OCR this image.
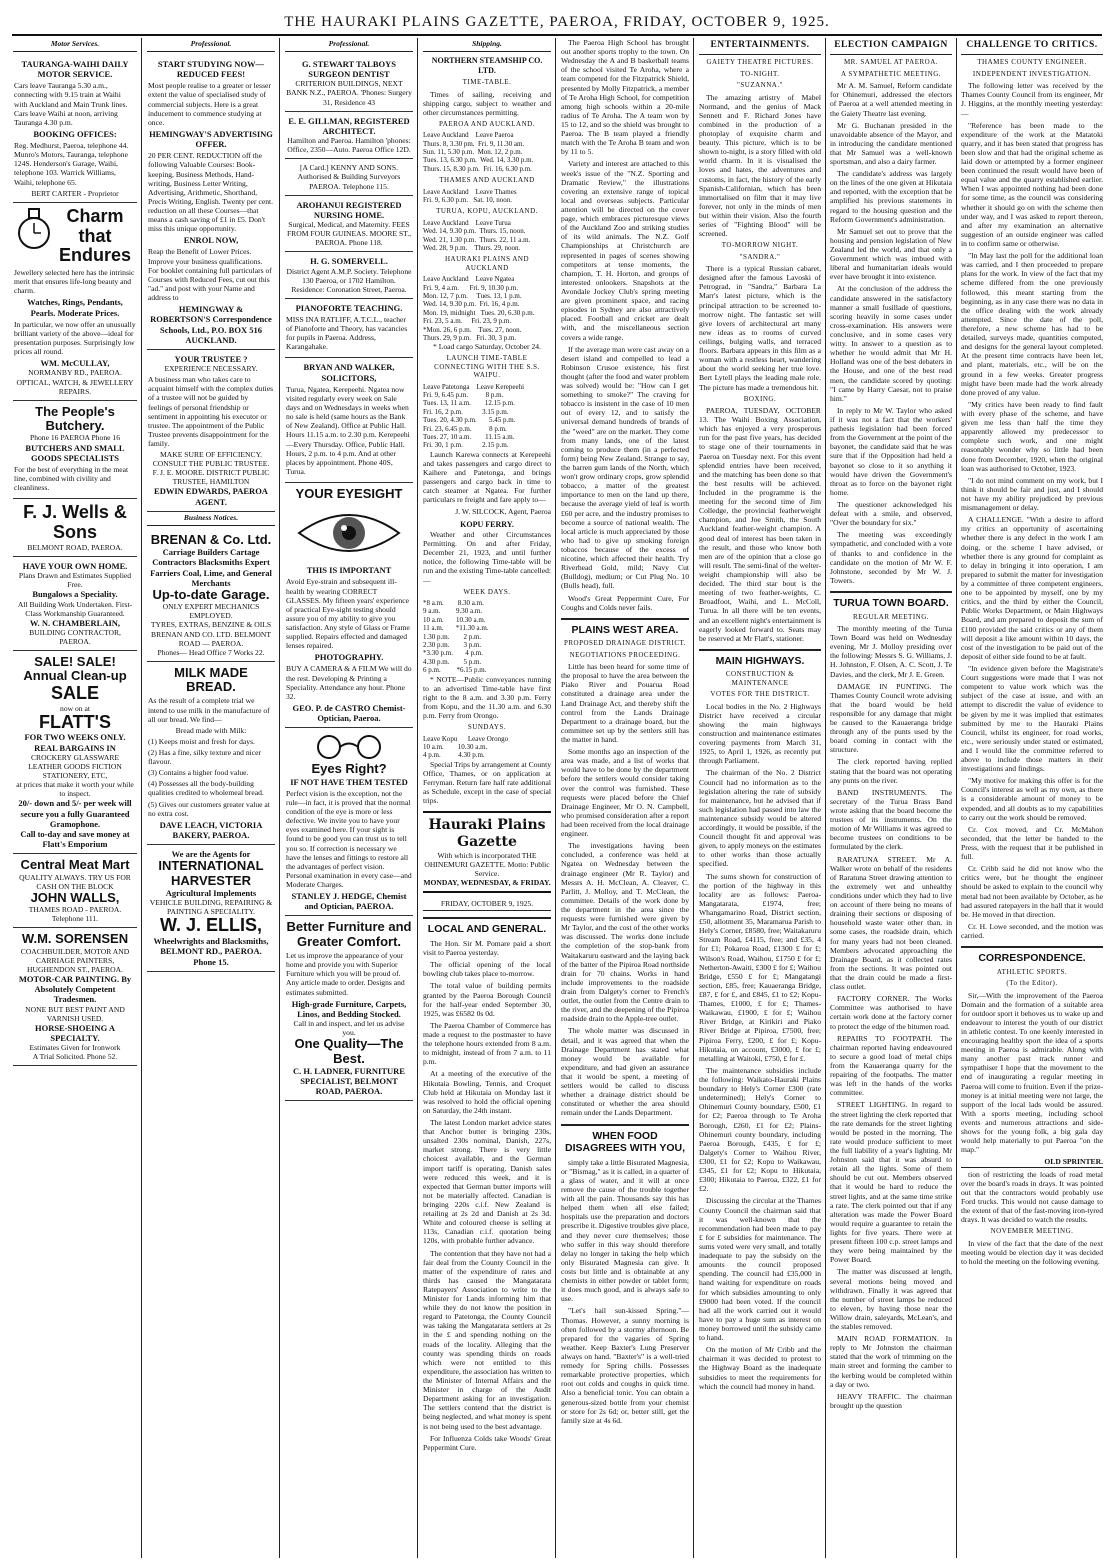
THE HAURAKI PLAINS GAZETTE, PAEROA, FRIDAY, OCTOBER 9, 1925.
Motor Services.
TAURANGA-WAIHI DAILY MOTOR SERVICE.

Cars leave Tauranga 5.30 a.m., connecting with 9.15 train at Waihi with Auckland and Main Trunk lines. Cars leave Waihi at noon, arriving Tauranga 4.30 p.m.

BOOKING OFFICES:

Reg. Medhurst, Paeroa, telephone 44. Munro's Motors, Tauranga, telephone 124S. Henderson's Garage, Waihi, telephone 103. Warrick Williams, Waihi, telephone 65.

BERT CARTER - Proprietor
Charm that Endures

Jewellery selected here has the intrinsic merit that ensures life-long beauty and charm.

Watches, Rings, Pendants, Pearls. Moderate Prices.

In particular, we now offer an unusually brilliant variety of the above—ideal for presentation purposes. Surprisingly low prices all round.

WM. McCULLAY,
NORMANBY RD., PAEROA. OPTICAL, WATCH, & JEWELLERY REPAIRS.
The People's Butchery.
Phone 16 PAEROA Phone 16
BUTCHERS AND SMALL GOODS SPECIALISTS

For the best of everything in the meat line, combined with civility and cleanliness.

F. J. Wells & Sons
BELMONT ROAD, PAEROA.
HAVE YOUR OWN HOME.
Plans Drawn and Estimates Supplied Free.
Bungalows a Speciality.
All Building Work Undertaken. First-Class Workmanship Guaranteed.
W. N. CHAMBERLAIN,
BUILDING CONTRACTOR, PAEROA.
SALE! SALE!
Annual Clean-up
SALE
now on at
FLATT'S
FOR TWO WEEKS ONLY.
REAL BARGAINS IN
CROCKERY GLASSWARE LEATHER GOODS FICTION STATIONERY, ETC,
at prices that make it worth your while to inspect.
20/- down and 5/- per week will secure you a fully Guaranteed Gramophone.
Call to-day and save money at Flatt's Emporium
Central Meat Mart
QUALITY ALWAYS. TRY US FOR CASH ON THE BLOCK
JOHN WALLS,
THAMES ROAD - PAEROA. Telephone 111.
W.M. SORENSEN
COACHBUILDER, MOTOR AND CARRIAGE PAINTERS, HUGHENDON ST., PAEROA.
MOTOR-CAR PAINTING. By Absolutely Competent Tradesmen.
NONE BUT BEST PAINT AND VARNISH USED.
HORSE-SHOEING A SPECIALTY.
Estimates Given for Ironwork
A Trial Solicited. Phone 52.
Professional.
START STUDYING NOW— REDUCED FEES!

Most people realise to a greater or lesser extent the value of specialised study of commercial subjects. Here is a great inducement to commence studying at once.

HEMINGWAY'S ADVERTISING OFFER.

20 PER CENT. REDUCTION off the following Valuable Courses: Book-keeping, Business Methods, Hand-writing, Business Letter Writing, Advertising, Arithmetic, Shorthand, Precis Writing, English. Twenty per cent. reduction on all these Courses—that means a cash saving of £1 in £5. Don't miss this unique opportunity.

ENROL NOW,

Reap the Benefit of Lower Prices. Improve your business qualifications. For booklet containing full particulars of Courses with Reduced Fees, cut out this "ad." and post with your Name and address to

HEMINGWAY & ROBERTSON'S Correspondence Schools, Ltd., P.O. BOX 516 AUCKLAND.
YOUR TRUSTEE ?
EXPERIENCE NECESSARY.

A business man who takes care to acquaint himself with the complex duties of a trustee will not be guided by feelings of personal friendship or sentiment in appointing his executor or trustee. The appointment of the Public Trustee prevents disappointment for the family.

MAKE SURE OF EFFICIENCY.
CONSULT THE PUBLIC TRUSTEE.
F. J. E. MOORE. DISTRICT PUBLIC TRUSTEE, HAMILTON
EDWIN EDWARDS, PAEROA AGENT.
Business Notices.
BRENAN & Co. Ltd.
Carriage Builders Cartage Contractors Blacksmiths Expert Farriers Coal, Lime, and General Merchants
Up-to-date Garage.
ONLY EXPERT MECHANICS EMPLOYED.
TYRES, EXTRAS, BENZINE & OILS
BRENAN AND CO. LTD. BELMONT ROAD — PAEROA.
Phones— Head Office 7 Works 22.
MILK MADE BREAD.

As the result of a complete trial we intend to use milk in the manufacture of all our bread. We find—

Bread made with Milk:

(1) Keeps moist and fresh for days.

(2) Has a fine, silky texture and nicer flavour.

(3) Contains a higher food value.

(4) Possesses all the body-building qualities credited to wholemeal bread.

(5) Gives our customers greater value at no extra cost.

DAVE LEACH, VICTORIA BAKERY, PAEROA.
We are the Agents for
INTERNATIONAL HARVESTER
Agricultural Implements
VEHICLE BUILDING, REPAIRING & PAINTING A SPECIALITY.
W. J. ELLIS,
Wheelwrights and Blacksmiths, BELMONT RD., PAEROA. Phone 15.
Professional.
G. STEWART TALBOYS SURGEON DENTIST
CRITERION BUILDINGS, NEXT BANK N.Z., PAEROA. 'Phones: Surgery 31, Residence 43
E. E. GILLMAN, REGISTERED ARCHITECT.
Hamilton and Paeroa. Hamilton 'phones: Office, 2350—Auto. Paeroa Office 12D.
[A Card.] KENNY AND SONS. Authorised & Building Surveyors PAEROA. Telephone 115.
AROHANUI REGISTERED NURSING HOME.
Surgical, Medical, and Maternity. FEES FROM FOUR GUINEAS. MOORE ST., PAEROA. Phone 118.
H. G. SOMERVELL.
District Agent A.M.P. Society. Telephone 130 Paeroa, or 1702 Hamilton. Residence: Coronation Street, Paeroa.
PIANOFORTE TEACHING.

MISS INA RATLIFF, A.T.C.L., teacher of Pianoforte and Theory, has vacancies for pupils in Paeroa. Address, Karangahake.

BRYAN AND WALKER, SOLICITORS,

Turua, Ngatea, Kerepeehi. Ngatea now visited regularly every week on Sale days and on Wednesdays in weeks when no sale is held (same hours as the Bank of New Zealand). Office at Public Hall. Hours 11.15 a.m. to 2.30 p.m. Kerepeehi—Every Thursday. Office, Public Hall. Hours, 2 p.m. to 4 p.m. And at other places by appointment. Phone 40S, Turua.

YOUR EYESIGHT
THIS IS IMPORTANT

Avoid Eye-strain and subsequent ill-health by wearing CORRECT GLASSES. My fifteen years' experience of practical Eye-sight testing should assure you of my ability to give you satisfaction. Any style of Glass or Frame supplied. Repairs effected and damaged lenses repaired.

PHOTOGRAPHY.

BUY A CAMERA & A FILM We will do the rest. Developing & Printing a Speciality. Attendance any hour. Phone 32.

GEO. P. de CASTRO Chemist-Optician, Paeroa.
Eyes Right?
IF NOT HAVE THEM TESTED

Perfect vision is the exception, not the rule—in fact, it is proved that the normal condition of the eye is more or less defective. We invite you to have your eyes examined here. If your sight is found to be good you can trust us to tell you so. If correction is necessary we have the lenses and fittings to restore all the advantages of perfect vision. Personal examination in every case—and Moderate Charges.

STANLEY J. HEDGE, Chemist and Optician, PAEROA.
Better Furniture and Greater Comfort.

Let us improve the appearance of your home and provide you with Superior Furniture which you will be proud of. Any article made to order. Designs and estimates submitted.

High-grade Furniture, Carpets, Linos, and Bedding Stocked.
Call in and inspect, and let us advise you.
One Quality—The Best.
C. H. LADNER, FURNITURE SPECIALIST, BELMONT ROAD, PAEROA.
Shipping.
NORTHERN STEAMSHIP CO. LTD.
TIME-TABLE.

Times of sailing, receiving and shipping cargo, subject to weather and other circumstances permitting.

PAEROA AND AUCKLAND.
Leave Auckland    Leave Paeroa
Thurs. 8, 3.30 pm.  Fri. 9, 11.30 am.
Sun. 11, 5.30 p.m.  Mon. 12, 2 p.m.
Tues. 13, 6.30 p.m.  Wed. 14, 3.30 p.m.
Thurs. 15, 8.30 p.m.  Fri. 16, 6.30 p.m.
THAMES AND AUCKLAND
Leave Auckland    Leave Thames
Fri. 9, 6.30 p.m.   Sat. 10, noon.
TURUA, KOPU, AUCKLAND.
Leave Auckland    Leave Turua
Wed. 14, 9.30 p.m.  Thurs. 15, noon.
Wed. 21, 1.30 p.m.  Thurs. 22, 11 a.m.
Wed. 28, 9 p.m.    Thurs. 29, noon.
HAURAKI PLAINS AND AUCKLAND
Leave Auckland    Leave Ngatea
Fri. 9, 4 a.m.      Fri. 9, 10.30 p.m.
Mon. 12, 7 p.m.     Tues. 13, 1 p.m.
Wed. 14, 9.30 p.m.  Fri. 16, 4 p.m.
Mon. 19, midnight   Tues. 20, 6.30 p.m.
Fri. 23, 5 a.m.     Fri. 23, 9 p.m.
*Mon. 26, 6 p.m.    Tues. 27, noon.
Thurs. 29, 9 p.m.   Fri. 30, 3 p.m.
* Load cargo Saturday, October 24.
LAUNCH TIME-TABLE CONNECTING WITH THE S.S. WAIPU.
Leave Patetonga    Leave Kerepeehi
Fri. 9, 6.45 p.m.          8 p.m.
Tues. 13, 11 a.m.        12.15 p.m.
Fri. 16, 2 p.m.           3.15 p.m.
Tues. 20, 4.30 p.m.       5.45 p.m.
Fri. 23, 6.45 p.m.          8 p.m.
Tues. 27, 10 a.m.        11.15 a.m.
Fri. 30, 1 p.m.           2.15 p.m.

Launch Karewa connects at Kerepeehi and takes passengers and cargo direct to Kaihere and Patetonga, and brings passengers and cargo back in time to catch steamer at Ngatea. For further particulars re freight and fare apply to—

J. W. SILCOCK, Agent, Paeroa
KOPU FERRY.

Weather and other Circumstances Permitting. On and after Friday, December 21, 1923, and until further notice, the following Time-table will be run and the existing Time-table cancelled:—

WEEK DAYS.
*8 a.m.        8.30 a.m.
9 a.m.         9.30 a.m.
10 a.m.       10.30 a.m.
11 a.m.       *11.30 a.m.
1.30 p.m.        2 p.m.
2.30 p.m.        3 p.m.
*3.30 p.m.       4 p.m.
4.30 p.m.        5 p.m.
6 p.m.         *6.15 p.m.

* NOTE—Public conveyances running to an advertised Time-table have first right to the 8 a.m. and 3.30 p.m. Ferry from Kopu, and the 11.30 a.m. and 6.30 p.m. Ferry from Orongo.

SUNDAYS.
Leave Kopu      Leave Orongo
10 a.m.        10.30 a.m.
4 p.m.          4.30 p.m.

Special Trips by arrangement at County Office, Thames, or on application at Ferryman. Return fare half rate additional as Schedule, except in the case of special trips.

Hauraki Plains Gazette
With which is incorporated THE OHINEMURI GAZETTE. Motto: Public Service.
MONDAY, WEDNESDAY, & FRIDAY.
FRIDAY, OCTOBER 9, 1925.
LOCAL AND GENERAL.

The Hon. Sir M. Pomare paid a short visit to Paeroa yesterday.

The official opening of the local bowling club takes place to-morrow.

The total value of building permits granted by the Paeroa Borough Council for the half-year ended September 30, 1925, was £6582 0s 0d.

The Paeroa Chamber of Commerce has made a request to the postmaster to have the telephone hours extended from 8 a.m. to midnight, instead of from 7 a.m. to 11 p.m.

At a meeting of the executive of the Hikutaia Bowling, Tennis, and Croquet Club held at Hikutaia on Monday last it was resolved to hold the official opening on Saturday, the 24th instant.

The latest London market advice states that Anchor butter is bringing 230s, unsalted 230s nominal, Danish, 227s, market strong. There is very little choicest available, and the German import tariff is operating. Danish sales were reduced this week, and it is expected that German butter imports will not be materially affected. Canadian is bringing 220s c.i.f. New Zealand is retailing at 2s 2d and Danish at 2s 3d. White and coloured cheese is selling at 113s, Canadian c.i.f. quotation being 120s, with probable further advance.

The contention that they have not had a fair deal from the County Council in the matter of the expenditure of rates and thirds has caused the Mangatarata Ratepayers' Association to write to the Minister for Lands informing him that while they do not know the position in regard to Patetonga, the County Council was taking the Mangatarata settlers at 2s in the £ and spending nothing on the roads of the locality. Alleging that the county was spending thirds on roads which were not entitled to this expenditure, the association has written to the Minister of Internal Affairs and the Minister in charge of the Audit Department asking for an investigation. The settlers contend that the district is being neglected, and what money is spent is not being used to the best advantage.

For Influenza Colds take Woods' Great Peppermint Cure.

The Paeroa High School has brought out another sports trophy to the town. On Wednesday the A and B basketball teams of the school visited Te Aroha, where a team competed for the Fitzpatrick Shield, presented by Molly Fitzpatrick, a member of Te Aroha High School, for competition among high schools within a 20-mile radius of Te Aroha. The A team won by 15 to 12, and so the shield was brought to Paeroa. The B team played a friendly match with the Te Aroha B team and won by 11 to 5.

Variety and interest are attached to this week's issue of the "N.Z. Sporting and Dramatic Review," the illustrations covering an extensive range of topical local and overseas subjects. Particular attention will be directed on the cover page, which embraces picturesque views of the Auckland Zoo and striking studies of its wild animals. The N.Z. Golf Championships at Christchurch are represented in pages of scenes showing competitors at tense moments, the champion, T. H. Horton, and groups of interested onlookers. Snapshots at the Avondale Jockey Club's spring meeting are given prominent space, and racing episodes in Sydney are also attractively placed. Football and cricket are dealt with, and the miscellaneous section covers a wide range.

If the average man were cast away on a desert island and compelled to lead a Robinson Crusoe existence, his first thought (after the food and water problem was solved) would be: "How can I get something to smoke?" The craving for tobacco is insistent in the case of 10 men out of every 12, and to satisfy the universal demand hundreds of brands of the "weed" are on the market. They come from many lands, one of the latest coming to produce them (in a perfected form) being New Zealand. Strange to say, the barren gum lands of the North, which won't grow ordinary crops, grow splendid tobacco, a matter of the greatest importance to men on the land up there, because the average yield of leaf is worth £60 per acre, and the industry promises to become a source of national wealth. The local article is much appreciated by those who had to give up smoking foreign tobaccos because of the excess of nicotine, which affected their health. Try Riverhead Gold, mild; Navy Cut (Bulldog), medium; or Cut Plug No. 10 (Bulls head), full.

Wood's Great Peppermint Cure, For Coughs and Colds never fails.

PLAINS WEST AREA.
PROPOSED DRAINAGE DISTRICT.
NEGOTIATIONS PROCEEDING.

Little has been heard for some time of the proposal to have the area between the Piako River and Pouarua Road constituted a drainage area under the Land Drainage Act, and thereby shift the control from the Lands Drainage Department to a drainage board, but the committee set up by the settlers still has the matter in hand.

Some months ago an inspection of the area was made, and a list of works that would have to be done by the department before the settlers would consider taking over the control was furnished. These requests were placed before the Chief Drainage Engineer, Mr O. N. Campbell, who promised consideration after a report had been received from the local drainage engineer.

The investigations having been concluded, a conference was held at Ngatea on Wednesday between the drainage engineer (Mr R. Taylor) and Messrs A. H. McClean, A. Cleaver, C. Parlitt, J. Molloy, and T. McClean, the committee. Details of the work done by the department in the area since the requests were furnished were given by Mr Taylor, and the cost of the other works was discussed. The works done include the completion of the stop-bank from Waitakaruru eastward and the laying back of the batter of the Pipiroa Road northside drain for 70 chains. Works in hand include improvements to the roadside drain from Dalgety's corner to French's outlet, the outlet from the Centre drain to the river, and the deepening of the Pipiroa roadside drain to the Apple-tree outlet.

The whole matter was discussed in detail, and it was agreed that when the Drainage Department has stated what money would be available for expenditure, and had given an assurance that it would be spent, a meeting of settlers would be called to discuss whether a drainage district should be constituted or whether the area should remain under the Lands Department.

WHEN FOOD DISAGREES WITH YOU,

simply take a little Bisurated Magnesia, or "Bismag," as it is called, in a quarter of a glass of water, and it will at once remove the cause of the trouble together with all the pain. Thousands say this has helped them when all else failed; hospitals use the preparation and doctors prescribe it. Digestive troubles give place, and they never cure themselves; those who suffer in this way should therefore delay no longer in taking the help which only Bisurated Magnesia can give. It costs but little and is obtainable at any chemists in either powder or tablet form; it does much good, and is always safe to use.

"Let's hail sun-kissed Spring."—Thomas. However, a sunny morning is often followed by a stormy afternoon. Be prepared for the vagaries of Spring weather. Keep Baxter's Lung Preserver always on hand. "Baxter's" is a well-tried remedy for Spring chills. Possesses remarkable protective properties, which root out colds and coughs in quick time. Also a beneficial tonic. You can obtain a generous-sized bottle from your chemist or store for 2s 6d; or, better still, get the family size at 4s 6d.

ENTERTAINMENTS.
GAIETY THEATRE PICTURES.
TO-NIGHT.
"SUZANNA."

The amazing artistry of Mabel Normand, and the genius of Mack Sennett and F. Richard Jones have combined in the production of a photoplay of exquisite charm and beauty. This picture, which is to be shown to-night, is a story filled with old world charm. In it is visualised the loves and hates, the adventures and customs, in fact, the history of the early Spanish-Californian, which has been immortalised on film that it may live forever, not only in the minds of men but within their vision. Also the fourth series of "Fighting Blood" will be screened.

TO-MORROW NIGHT.
"SANDRA."

There is a typical Russian cabaret, designed after the famous Lavoski of Petrograd, in "Sandra," Barbara La Marr's latest picture, which is the principal attraction to be screened to-morrow night. The fantastic set will give lovers of architectural art many new ideas as to rooms of curved ceilings, bulging walls, and terraced floors. Barbara appears in this film as a woman with a restless heart, wandering about the world seeking her true love. Bert Lytell plays the leading male role. The picture has made a tremendous hit.

BOXING.

PAEROA, TUESDAY, OCTOBER 13. The Waihi Boxing Association, which has enjoyed a very prosperous run for the past five years, has decided to stage one of their tournaments in Paeroa on Tuesday next. For this event splendid entries have been received, and the matching has been done so that the best results will be achieved. Included in the programme is the meeting for the second time of Jim Colledge, the provincial featherweight champion, and Joe Smith, the South Auckland feather-weight champion. A good deal of interest has been taken in the result, and those who know both men are of the opinion that a close go will result. The semi-final of the welter-weight championship will also be decided. The third star bout is the meeting of two feather-weights, C. Broadfoot, Waihi, and L. McColl, Turua. In all there will be ten events, and an excellent night's entertainment is eagerly looked forward to. Seats may be reserved at Mr Flatt's, stationer.

MAIN HIGHWAYS.
CONSTRUCTION & MAINTENANCE
VOTES FOR THE DISTRICT.

Local bodies in the No. 2 Highways District have received a circular showing the main highways construction and maintenance estimates covering payments from March 31, 1925, to April 1, 1926, as recently put through Parliament.

The chairman of the No. 2 District Council had no information as to the legislation altering the rate of subsidy for maintenance, but he advised that if such legislation had passed into law the maintenance subsidy would be altered accordingly, it would be possible, if the Council thought fit and approval was given, to apply moneys on the estimates to other works than those actually specified.

The sums shown for construction of the portion of the highway in this locality are as follows: Paeroa-Mangatarata, £1974, free; Whangamarino Road, District section, £50, allotment 35, Maramarua Parish to Hely's Corner, £8580, free; Waitakaruru Stream Road, £4115, free; and £35, 4 for £1; Pokaroa Road, £1300 £ for £; Wilson's Road, Waihou, £1750 £ for £; Netherton-Awaiti, £300 £ for £; Waihou Bridge, £550 £ for £; Mangatangi section, £85, free; Kauaeranga Bridge, £87, £ for £, and £845, £1 to £2; Kopu-Thames, £1000, £ for £; Thames-Waikawau, £1900, £ for £; Waihou River Bridge, at Kirikiri and Piako River Bridge at Pipiroa, £7500, free; Pipiroa Ferry, £200, £ for £; Kopu-Hikutaia, on account, £3000, £ for £; metalling at Waitoki, £750, £ for £.

The maintenance subsidies include the following: Waikato-Hauraki Plains boundary to Hely's Corner £300 (rate undetermined); Hely's Corner to Ohinemuri County boundary, £500, £1 for £2; Paeroa through to Te Aroha Borough, £260, £1 for £2; Plains-Ohinemuri county boundary, including Paeroa Borough, £435, £ for £; Dalgety's Corner to Waihou River, £300, £1 for £2; Kopu to Waikawau, £345, £1 for £2; Kopu to Hikutaia, £300; Hikutaia to Paeroa, £322, £1 for £2.

Discussing the circular at the Thames County Council the chairman said that it was well-known that the recommendation had been made to pay £ for £ subsidies for maintenance. The sums voted were very small, and totally inadequate to pay the subsidy on the amounts the council proposed spending. The council had £35,000 in hand waiting for expenditure on roads for which subsidies amounting to only £9000 had been voted. If the council had all the work carried out it would have to pay a huge sum as interest on money borrowed until the subsidy came to hand.

On the motion of Mr Cribb and the chairman it was decided to protest to the Highway Board as the inadequate subsidies to meet the requirements for which the council had money in hand.

ELECTION CAMPAIGN
MR. SAMUEL AT PAEROA.
A SYMPATHETIC MEETING.

Mr A. M. Samuel, Reform candidate for Ohinemuri, addressed the electors of Paeroa at a well attended meeting in the Gaiety Theatre last evening.

Mr G. Buchanan presided in the unavoidable absence of the Mayor, and in introducing the candidate mentioned that Mr Samuel was a well-known sportsman, and also a dairy farmer.

The candidate's address was largely on the lines of the one given at Hikutaia and reported, with the exception that he amplified his previous statements in regard to the housing question and the Reform Government's administration.

Mr Samuel set out to prove that the housing and pension legislation of New Zealand led the world, and that only a Government which was imbued with liberal and humanitarian ideals would ever have brought it into existence.

At the conclusion of the address the candidate answered in the satisfactory manner a small fusillade of questions, scoring heavily in some cases under cross-examination. His answers were conclusive, and in some cases very witty. In answer to a question as to whether he would admit that Mr H. Holland was one of the best debaters in the House, and one of the best read men, the candidate scored by quoting: "I came by Harry Caesar, not to praise him."

In reply to Mr W. Taylor who asked if it was not a fact that the workers' pathesis legislation had been forced from the Government at the point of the bayonet, the candidate said that he was sure that if the Opposition had held a bayonet so close to it so anything it would have driven the Government's throat as to force on the bayonet right home.

The questioner acknowledged his defeat with a smile, and observed, "Over the boundary for six."

The meeting was exceedingly sympathetic, and concluded with a vote of thanks to and confidence in the candidate on the motion of Mr W. F. Johnstone, seconded by Mr W. J. Towers.

TURUA TOWN BOARD.
REGULAR MEETING.

The monthly meeting of the Turua Town Board was held on Wednesday evening, Mr J. Molloy presiding over the following: Messrs S. G. Williams, J. H. Johnston, F. Olsen, A. C. Scott, J. Te Davies, and the clerk, Mr J. E. Green.

DAMAGE IN PUNTING. The Thames County Council wrote advising that the board would be held responsible for any damage that might be caused to the Kauaeranga bridge through any of the punts used by the board coming in contact with the structure.

The clerk reported having replied stating that the board was not operating any punts on the river.

BAND INSTRUMENTS. The secretary of the Turua Brass Band wrote asking that the board become the trustees of its instruments. On the motion of Mr Williams it was agreed to become trustees on conditions to be formulated by the clerk.

RARATUNA STREET. Mr A. Walker wrote on behalf of the residents of Raratuna Street drawing attention to the extremely wet and unhealthy conditions under which they had to live on account of there being no means of draining their sections or disposing of household waste water other than, in some cases, the roadside drain, which for many years had not been cleaned. Members advocated approaching the Drainage Board, as it collected rates from the sections. It was pointed out that the drain could be made a first-class outlet.

FACTORY CORNER. The Works Committee was authorised to have certain work done at the factory corner to protect the edge of the bitumen road.

REPAIRS TO FOOTPATH. The chairman reported having endeavoured to secure a good load of metal chips from the Kauaeranga quarry for the repairing of the footpaths. The matter was left in the hands of the works committee.

STREET LIGHTING. In regard to the street lighting the clerk reported that the rate demands for the street lighting would be posted in the morning. The rate would produce sufficient to meet the full liability of a year's lighting. Mr Johnston said that it was absurd to retain all the lights. Some of them should be cut out. Members observed that it would be hard to reduce the street lights, and at the same time strike a rate. The clerk pointed out that if any alteration was made the Power Board would require a guarantee to retain the lights for five years. There were at present fifteen 100 c.p. street lamps and they were being maintained by the Power Board.

The matter was discussed at length, several motions being moved and withdrawn. Finally it was agreed that the number of street lamps be reduced to eleven, by having those near the Willow drain, saleyards, McLean's, and the stables removed.

MAIN ROAD FORMATION. In reply to Mr Johnston the chairman stated that the work of trimming on the main street and forming the camber to the kerbing would be completed within a day or two.

HEAVY TRAFFIC. The chairman brought up the question

CHALLENGE TO CRITICS.
THAMES COUNTY ENGINEER.
INDEPENDENT INVESTIGATION.

The following letter was received by the Thames County Council from its engineer, Mr J. Higgins, at the monthly meeting yesterday:—

"Reference has been made to the expenditure of the work at the Matatoki quarry, and it has been stated that progress has been slow and that had the original scheme as laid down or attempted by a former engineer been continued the result would have been of equal value and the quarry established earlier. When I was appointed nothing had been done for some time, as the council was considering whether it should go on with the scheme then under way, and I was asked to report thereon, and after my examination an alternative suggestion of an outside engineer was called in to confirm same or otherwise.

"In May last the poll for the additional loan was carried, and I then proceeded to prepare plans for the work. In view of the fact that my scheme differed from the one previously followed, this meant starting from the beginning, as in any case there was no data in the office dealing with the work already attempted. Since the date of the poll, therefore, a new scheme has had to be detailed, surveys made, quantities computed, and designs for the general layout completed. At the present time contracts have been let, and plant, materials, etc., will be on the ground in a few weeks. Greater progress might have been made had the work already done proved of any value.

"My critics have been ready to find fault with every phase of the scheme, and have given me less than half the time they apparently allowed my predecessor to complete such work, and one might reasonably wonder why so little had been done from December, 1920, when the original loan was authorised to October, 1923.

"I do not mind comment on my work, but I think it should be fair and just, and I should not have my ability prejudiced by previous mismanagement or delay.

A CHALLENGE. "With a desire to afford my critics an opportunity of ascertaining whether there is any defect in the work I am doing, or the scheme I have advised, or whether there is any ground for complaint as to delay in bringing it into operation, I am prepared to submit the matter for investigation by a committee of three competent engineers, one to be appointed by myself, one by my critics, and the third by either the Council, Public Works Department, or Main Highways Board, and am prepared to deposit the sum of £100 provided the said critics or any of them will deposit a like amount within 10 days, the cost of the investigation to be paid out of the deposit of either side found to be at fault.

"In evidence given before the Magistrate's Court suggestions were made that I was not competent to value work which was the subject of the case at issue, and with an attempt to discredit the value of evidence to be given by me it was implied that estimates submitted by me to the Hauraki Plains Council, whilst its engineer, for road works, etc., were seriously under stated or estimated, and I would like the committee referred to above to include those matters in their investigations and findings.

"My motive for making this offer is for the Council's interest as well as my own, as there is a considerable amount of money to be expended, and all doubts as to my capabilities to carry out the work should be removed.

Cr. Cox moved, and Cr. McMahon seconded, that the letter be handed to the Press, with the request that it be published in full.

Cr. Cribb said he did not know who the critics were, but he thought the engineer should be asked to explain to the council why metal had not been available by October, as he had assured ratepayers in the hall that it would be. He moved in that direction.

Cr. H. Lowe seconded, and the motion was carried.

CORRESPONDENCE.
ATHLETIC SPORTS.
(To the Editor).

Sir,—With the improvement of the Paeroa Domain and the formation of a suitable area for outdoor sport it behoves us to wake up and endeavour to interest the youth of our district in athletic contest. To one keenly interested in encouraging healthy sport the idea of a sports meeting in Paeroa is admirable. Along with many another past track runner and sympathiser I hope that the movement to the end of inaugurating a regular meeting in Paeroa will come to fruition. Even if the prize-money is at initial meeting were not large, the support of the local lads would be assured. With a sports meeting, including school events and numerous attractions and side-shows for the young folk, a big gala day would help materially to put Paeroa "on the map."

OLD SPRINTER.

tion of restricting the loads of road metal over the board's roads in drays. It was pointed out that the contractors would probably use Ford trucks. This would not cause damage to the extent of that of the fast-moving iron-tyred drays. It was decided to watch the results.

NOVEMBER MEETING.

In view of the fact that the date of the next meeting would be election day it was decided to hold the meeting on the following evening.
